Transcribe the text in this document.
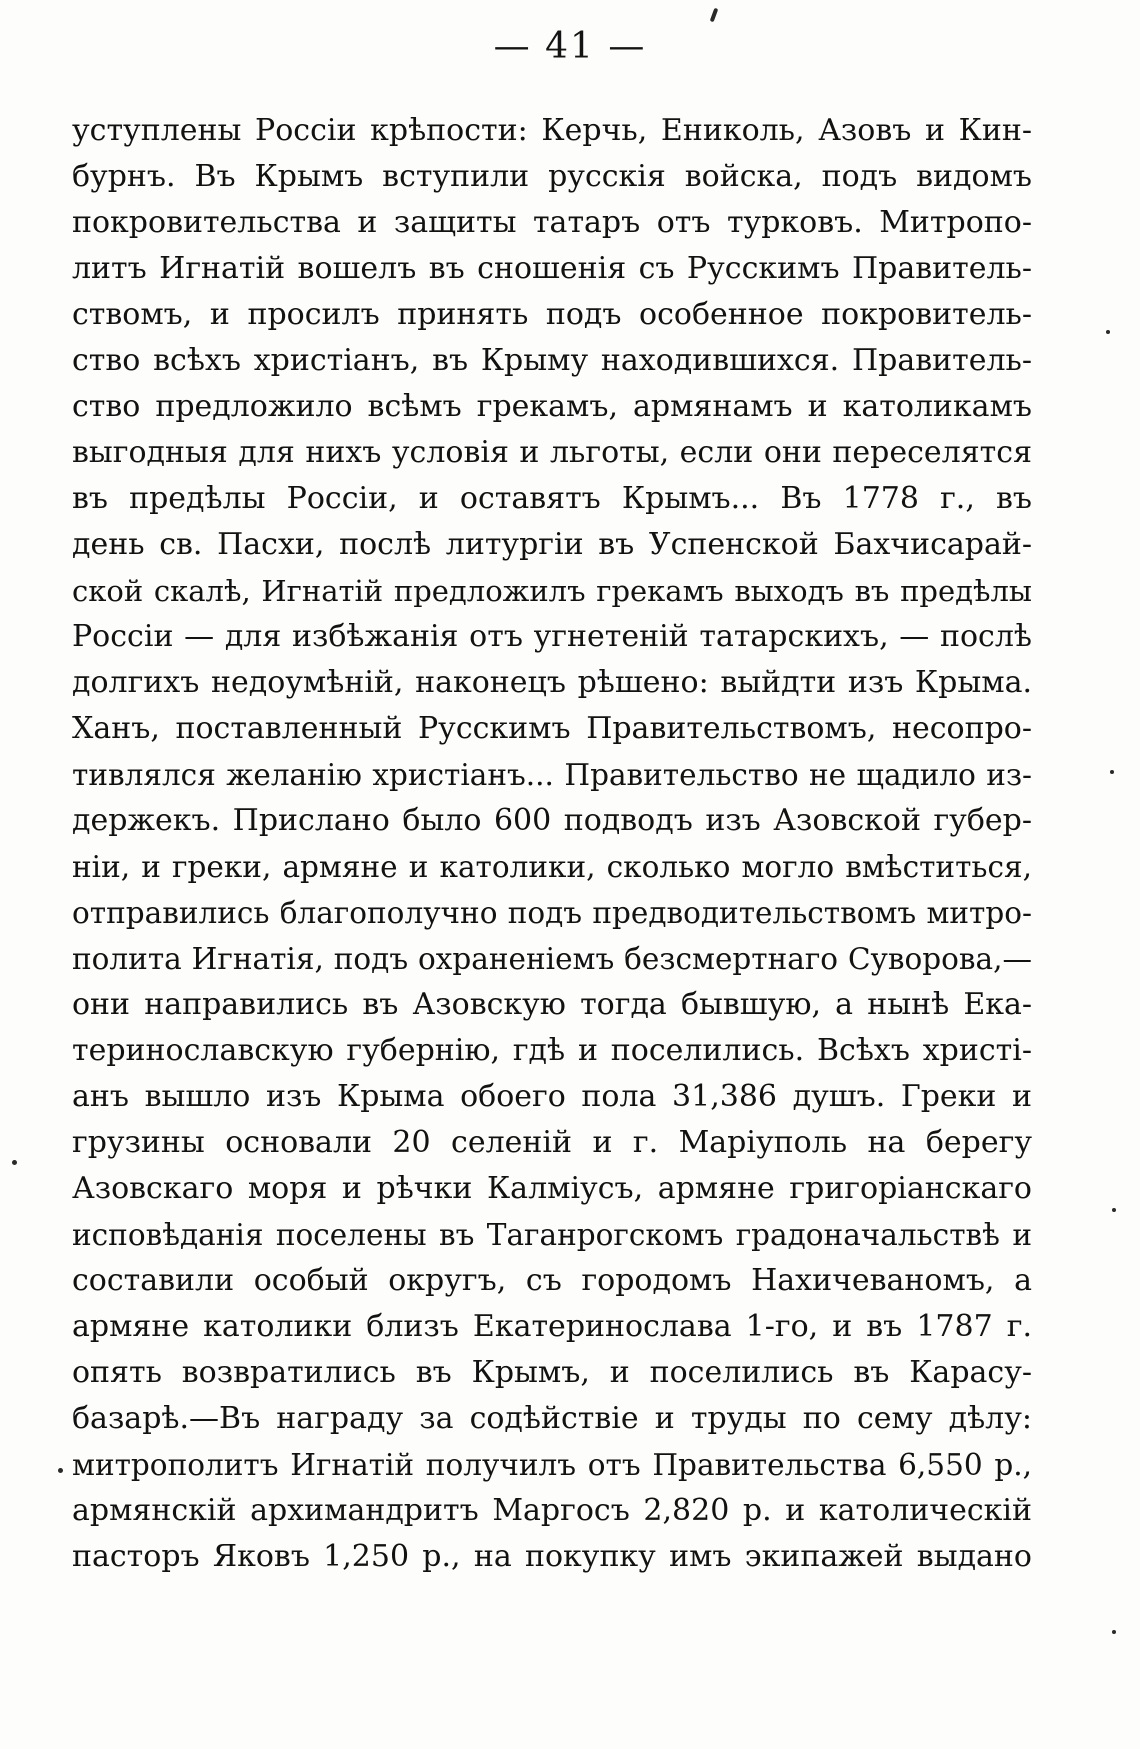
— 41 —
уступлены Россіи крѣпости: Керчь, Ениколь, Азовъ и Кин-
бурнъ. Въ Крымъ вступили русскія войска, подъ видомъ
покровительства и защиты татаръ отъ турковъ. Митропо-
литъ Игнатій вошелъ въ сношенія съ Русскимъ Правитель-
ствомъ, и просилъ принять подъ особенное покровитель-
ство всѣхъ христіанъ, въ Крыму находившихся. Правитель-
ство предложило всѣмъ грекамъ, армянамъ и католикамъ
выгодныя для нихъ условія и льготы, если они переселятся
въ предѣлы Россіи, и оставятъ Крымъ... Въ 1778 г., въ
день св. Пасхи, послѣ литургіи въ Успенской Бахчисарай-
ской скалѣ, Игнатій предложилъ грекамъ выходъ въ предѣлы
Россіи — для избѣжанія отъ угнетеній татарскихъ, — послѣ
долгихъ недоумѣній, наконецъ рѣшено: выйдти изъ Крыма.
Ханъ, поставленный Русскимъ Правительствомъ, несопро-
тивлялся желанію христіанъ... Правительство не щадило из-
держекъ. Прислано было 600 подводъ изъ Азовской губер-
ніи, и греки, армяне и католики, сколько могло вмѣститься,
отправились благополучно подъ предводительствомъ митро-
полита Игнатія, подъ охраненіемъ безсмертнаго Суворова,—
они направились въ Азовскую тогда бывшую, а нынѣ Ека-
теринославскую губернію, гдѣ и поселились. Всѣхъ христі-
анъ вышло изъ Крыма обоего пола 31,386 душъ. Греки и
грузины основали 20 селеній и г. Маріуполь на берегу
Азовскаго моря и рѣчки Калміусъ, армяне григоріанскаго
исповѣданія поселены въ Таганрогскомъ градоначальствѣ и
составили особый округъ, съ городомъ Нахичеваномъ, а
армяне католики близъ Екатеринослава 1-го, и въ 1787 г.
опять возвратились въ Крымъ, и поселились въ Карасу-
базарѣ.—Въ награду за содѣйствіе и труды по сему дѣлу:
митрополитъ Игнатій получилъ отъ Правительства 6,550 р.,
армянскій архимандритъ Маргосъ 2,820 р. и католическій
пасторъ Яковъ 1,250 р., на покупку имъ экипажей выдано
